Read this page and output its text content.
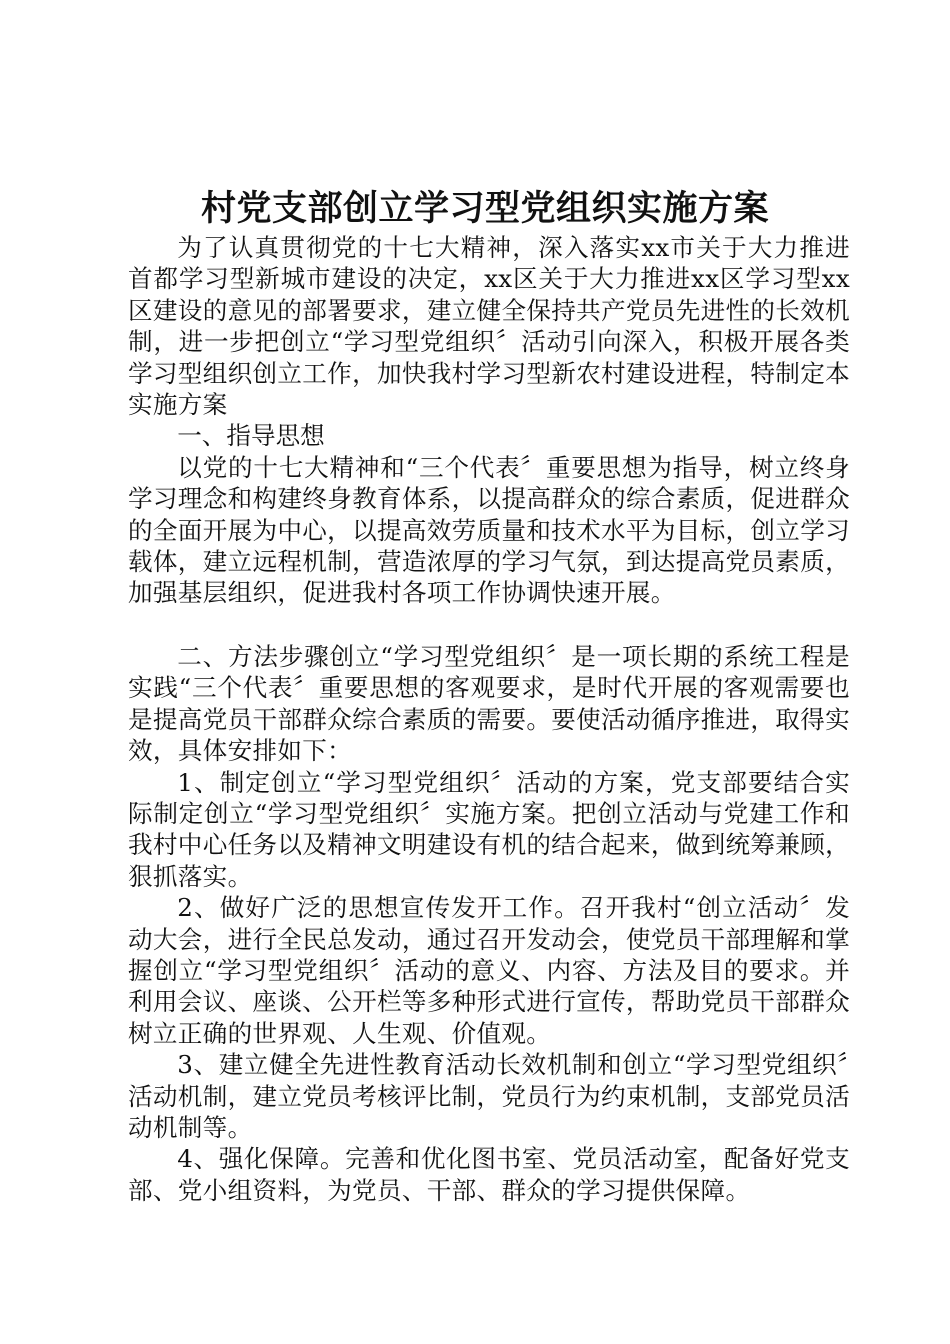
村党支部创立学习型党组织实施方案

为了认真贯彻党的十七大精神，深入落实xx市关于大力推进首都学习型新城市建设的决定，xx区关于大力推进xx区学习型xx区建设的意见的部署要求，建立健全保持共产党员先进性的长效机制，进一步把创立“学习型党组织〞活动引向深入，积极开展各类学习型组织创立工作，加快我村学习型新农村建设进程，特制定本实施方案

一、指导思想

以党的十七大精神和“三个代表〞重要思想为指导，树立终身学习理念和构建终身教育体系，以提高群众的综合素质，促进群众的全面开展为中心，以提高效劳质量和技术水平为目标，创立学习载体，建立远程机制，营造浓厚的学习气氛，到达提高党员素质，加强基层组织，促进我村各项工作协调快速开展。

二、方法步骤创立“学习型党组织〞是一项长期的系统工程是实践“三个代表〞重要思想的客观要求，是时代开展的客观需要也是提高党员干部群众综合素质的需要。要使活动循序推进，取得实效，具体安排如下：

1、制定创立“学习型党组织〞活动的方案，党支部要结合实际制定创立“学习型党组织〞实施方案。把创立活动与党建工作和我村中心任务以及精神文明建设有机的结合起来，做到统筹兼顾，狠抓落实。

2、做好广泛的思想宣传发开工作。召开我村“创立活动〞发动大会，进行全民总发动，通过召开发动会，使党员干部理解和掌握创立“学习型党组织〞活动的意义、内容、方法及目的要求。并利用会议、座谈、公开栏等多种形式进行宣传，帮助党员干部群众树立正确的世界观、人生观、价值观。

3、建立健全先进性教育活动长效机制和创立“学习型党组织〞活动机制，建立党员考核评比制，党员行为约束机制，支部党员活动机制等。

4、强化保障。完善和优化图书室、党员活动室，配备好党支部、党小组资料，为党员、干部、群众的学习提供保障。
